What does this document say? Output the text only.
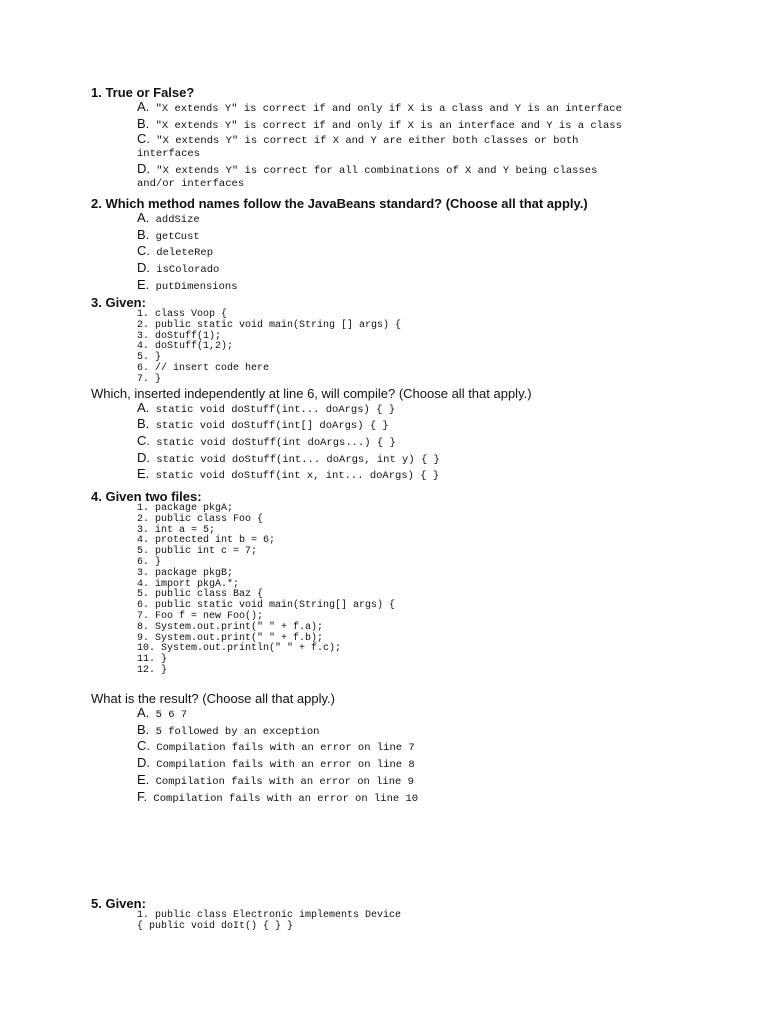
1. True or False?

A. "X extends Y" is correct if and only if X is a class and Y is an interface
B. "X extends Y" is correct if and only if X is an interface and Y is a class
C. "X extends Y" is correct if X and Y are either both classes or both
interfaces
D. "X extends Y" is correct for all combinations of X and Y being classes
and/or interfaces

2. Which method names follow the JavaBeans standard? (Choose all that apply.)

A. addSize
B. getCust
C. deleteRep
D. isColorado
E. putDimensions

3. Given:

1. class Voop {
2. public static void main(String [] args) {
3. doStuff(1);
4. doStuff(1,2);
5. }
6. // insert code here
7. }

Which, inserted independently at line 6, will compile? (Choose all that apply.)

A. static void doStuff(int... doArgs) { }
B. static void doStuff(int[] doArgs) { }
C. static void doStuff(int doArgs...) { }
D. static void doStuff(int... doArgs, int y) { }
E. static void doStuff(int x, int... doArgs) { }

4. Given two files:

1. package pkgA;
2. public class Foo {
3. int a = 5;
4. protected int b = 6;
5. public int c = 7;
6. }
3. package pkgB;
4. import pkgA.*;
5. public class Baz {
6. public static void main(String[] args) {
7. Foo f = new Foo();
8. System.out.print(" " + f.a);
9. System.out.print(" " + f.b);
10. System.out.println(" " + f.c);
11. }
12. }

What is the result? (Choose all that apply.)

A. 5 6 7
B. 5 followed by an exception
C. Compilation fails with an error on line 7
D. Compilation fails with an error on line 8
E. Compilation fails with an error on line 9
F. Compilation fails with an error on line 10

5. Given:

1. public class Electronic implements Device
{ public void doIt() { } }
